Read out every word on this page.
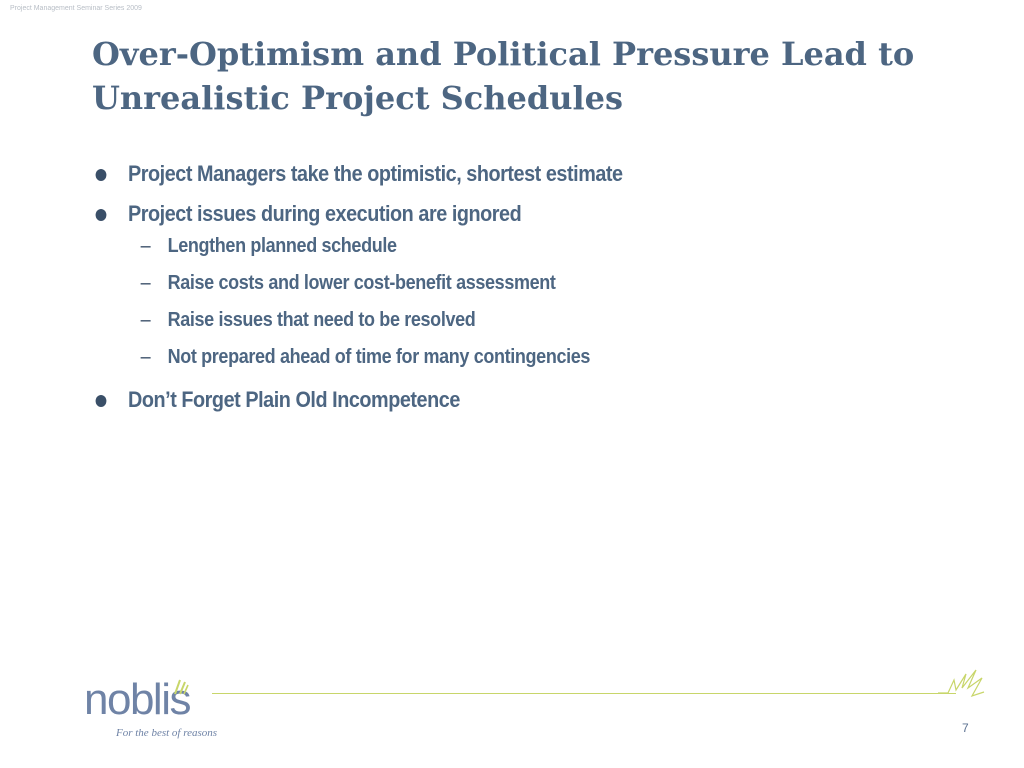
Project Management Seminar Series 2009
Over-Optimism and Political Pressure Lead to Unrealistic Project Schedules
Project Managers take the optimistic, shortest estimate
Project issues during execution are ignored
– Lengthen planned schedule
– Raise costs and lower cost-benefit assessment
– Raise issues that need to be resolved
– Not prepared ahead of time for many contingencies
Don’t Forget Plain Old Incompetence
noblis
For the best of reasons	7
